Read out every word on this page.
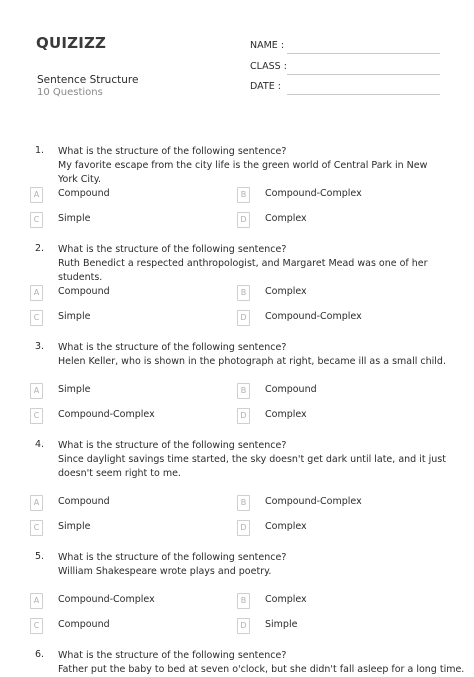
QUIZIZZ
Sentence Structure
10 Questions
NAME :
CLASS :
DATE :
1. What is the structure of the following sentence?
My favorite escape from the city life is the green world of Central Park in New York City.
A	Compound	B	Compound-Complex
C	Simple	D	Complex
2. What is the structure of the following sentence?
Ruth Benedict a respected anthropologist, and Margaret Mead was one of her students.
A	Compound	B	Complex
C	Simple	D	Compound-Complex
3. What is the structure of the following sentence?
Helen Keller, who is shown in the photograph at right, became ill as a small child.
A	Simple	B	Compound
C	Compound-Complex	D	Complex
4. What is the structure of the following sentence?
Since daylight savings time started, the sky doesn't get dark until late, and it just doesn't seem right to me.
A	Compound	B	Compound-Complex
C	Simple	D	Complex
5. What is the structure of the following sentence?
William Shakespeare wrote plays and poetry.
A	Compound-Complex	B	Complex
C	Compound	D	Simple
6. What is the structure of the following sentence?
Father put the baby to bed at seven o'clock, but she didn't fall asleep for a long time.
